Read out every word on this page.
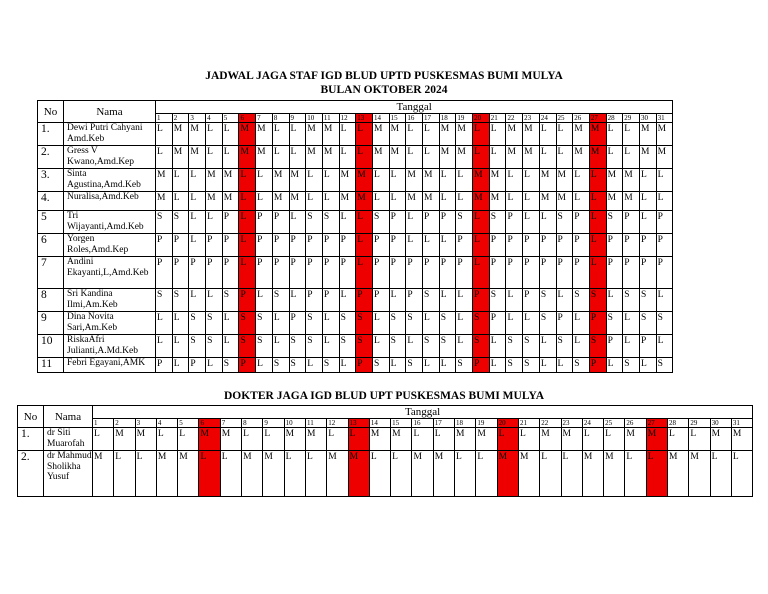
JADWAL JAGA STAF IGD BLUD UPTD PUSKESMAS BUMI MULYA
BULAN OKTOBER 2024
No	Nama	Tanggal																														
		1	2	3	4	5	6	7	8	9	10	11	12	13	14	15	16	17	18	19	20	21	22	23	24	25	26	27	28	29	30	31
1.	Dewi Putri Cahyani Amd.Keb	L	M	M	L	L	M	M	L	L	M	M	L	L	M	M	L	L	M	M	L	L	M	M	L	L	M	M	L	L	M	M
2.	Gress V Kwano,Amd.Kep	L	M	M	L	L	M	M	L	L	M	M	L	L	M	M	L	L	M	M	L	L	M	M	L	L	M	M	L	L	M	M
3.	Sinta Agustina,Amd.Keb	M	L	L	M	M	L	L	M	M	L	L	M	M	L	L	M	M	L	L	M	M	L	L	M	M	L	L	M	M	L	L
4.	Nuralisa,Amd.Keb	M	L	L	M	M	L	L	M	M	L	L	M	M	L	L	M	M	L	L	M	M	L	L	M	M	L	L	M	M	L	L
5	Tri Wijayanti,Amd.Keb	S	S	L	L	P	L	P	P	L	S	S	L	L	S	P	L	P	P	S	L	S	P	L	L	S	P	L	S	P	L	P
6	Yorgen Roles,Amd.Kep	P	P	L	P	P	L	P	P	P	P	P	P	L	P	P	L	L	L	P	L	P	P	P	P	P	P	L	P	P	P	P
7	Andini Ekayanti,L,Amd.Keb	P	P	P	P	P	L	P	P	P	P	P	P	L	P	P	P	P	P	P	L	P	P	P	P	P	P	L	P	P	P	P
8	Sri Kandina Ilmi,Am.Keb	S	S	L	L	S	P	L	S	L	P	P	L	P	P	L	P	S	L	L	P	S	L	P	S	L	S	S	L	S	S	L
9	Dina Novita Sari,Am.Keb	L	L	S	S	L	S	S	L	P	S	L	S	S	L	S	S	L	S	L	S	P	L	L	S	P	L	P	S	L	S	S
10	RiskaAfri Julianti,A.Md.Keb	L	L	S	S	L	S	S	L	S	S	L	S	S	L	S	L	S	S	L	S	L	S	S	L	S	L	S	P	L	P	L
11	Febri Egayani,AMK	P	L	P	L	S	P	L	S	S	L	S	L	P	S	L	S	L	L	S	P	L	S	S	L	L	S	P	L	S	L	S
DOKTER JAGA IGD BLUD UPT PUSKESMAS BUMI MULYA
No	Nama	Tanggal																														
		1	2	3	4	5	6	7	8	9	10	11	12	13	14	15	16	17	18	19	20	21	22	23	24	25	26	27	28	29	30	31
1.	dr Siti Muarofah	L	M	M	L	L	M	M	L	L	M	M	L	L	M	M	L	L	M	M	L	L	M	M	L	L	M	M	L	L	M	M
2.	dr Mahmud Sholikha Yusuf	M	L	L	M	M	L	L	M	M	L	L	M	M	L	L	M	M	L	L	M	M	L	L	M	M	L	L	M	M	L	L
